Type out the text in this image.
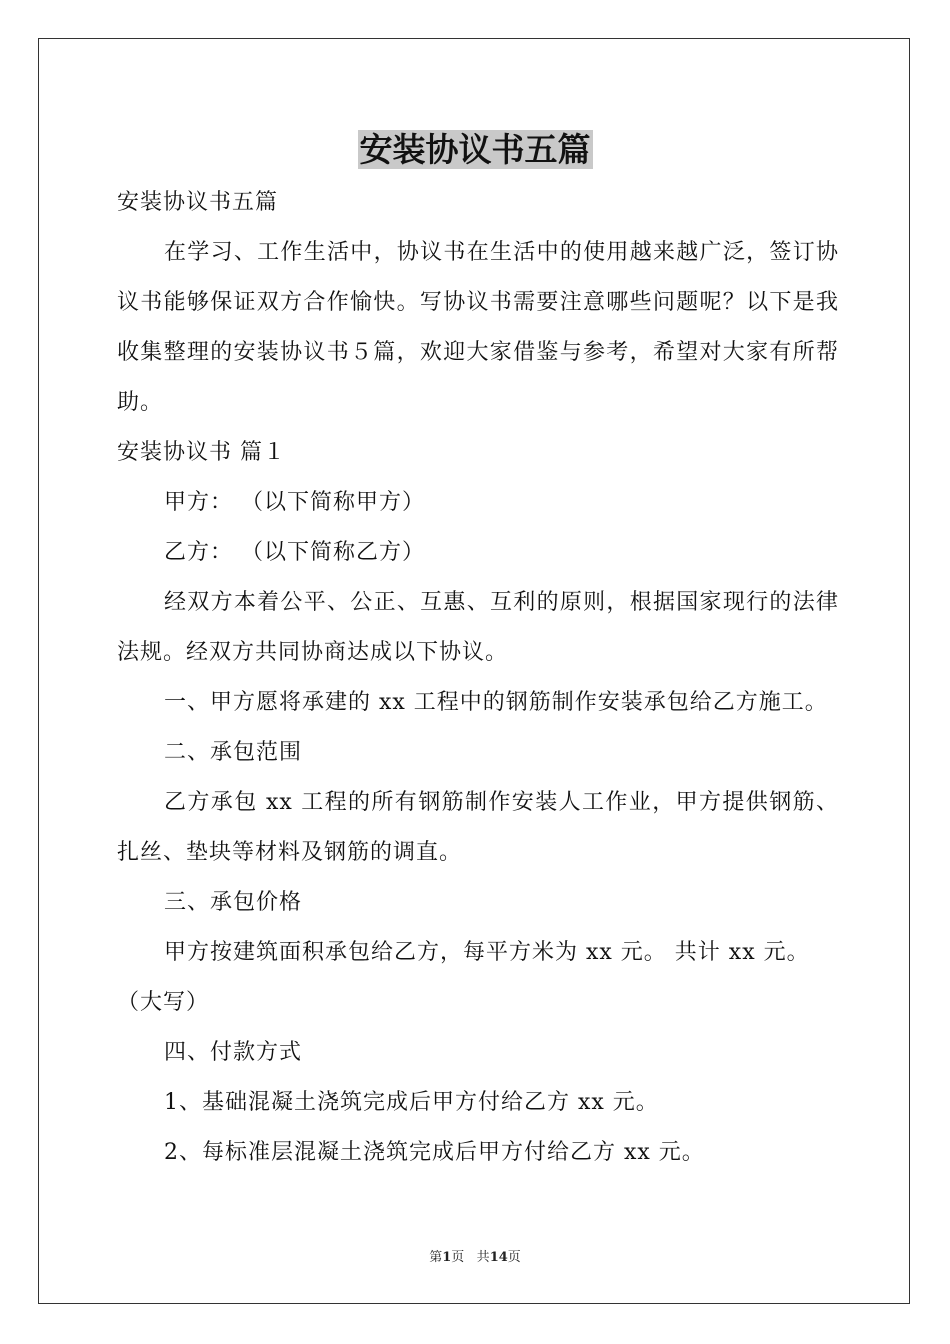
安装协议书五篇

安装协议书五篇

在学习、工作生活中，协议书在生活中的使用越来越广泛，签订协议书能够保证双方合作愉快。写协议书需要注意哪些问题呢？以下是我收集整理的安装协议书５篇，欢迎大家借鉴与参考，希望对大家有所帮助。

安装协议书 篇１

甲方： （以下简称甲方）

乙方： （以下简称乙方）

经双方本着公平、公正、互惠、互利的原则，根据国家现行的法律法规。经双方共同协商达成以下协议。

一、甲方愿将承建的 xx 工程中的钢筋制作安装承包给乙方施工。

二、承包范围

乙方承包 xx 工程的所有钢筋制作安装人工作业，甲方提供钢筋、扎丝、垫块等材料及钢筋的调直。

三、承包价格

甲方按建筑面积承包给乙方，每平方米为 xx 元。 共计 xx 元。

（大写）

四、付款方式

1、基础混凝土浇筑完成后甲方付给乙方 xx 元。

2、每标准层混凝土浇筑完成后甲方付给乙方 xx 元。

第1页 共14页
